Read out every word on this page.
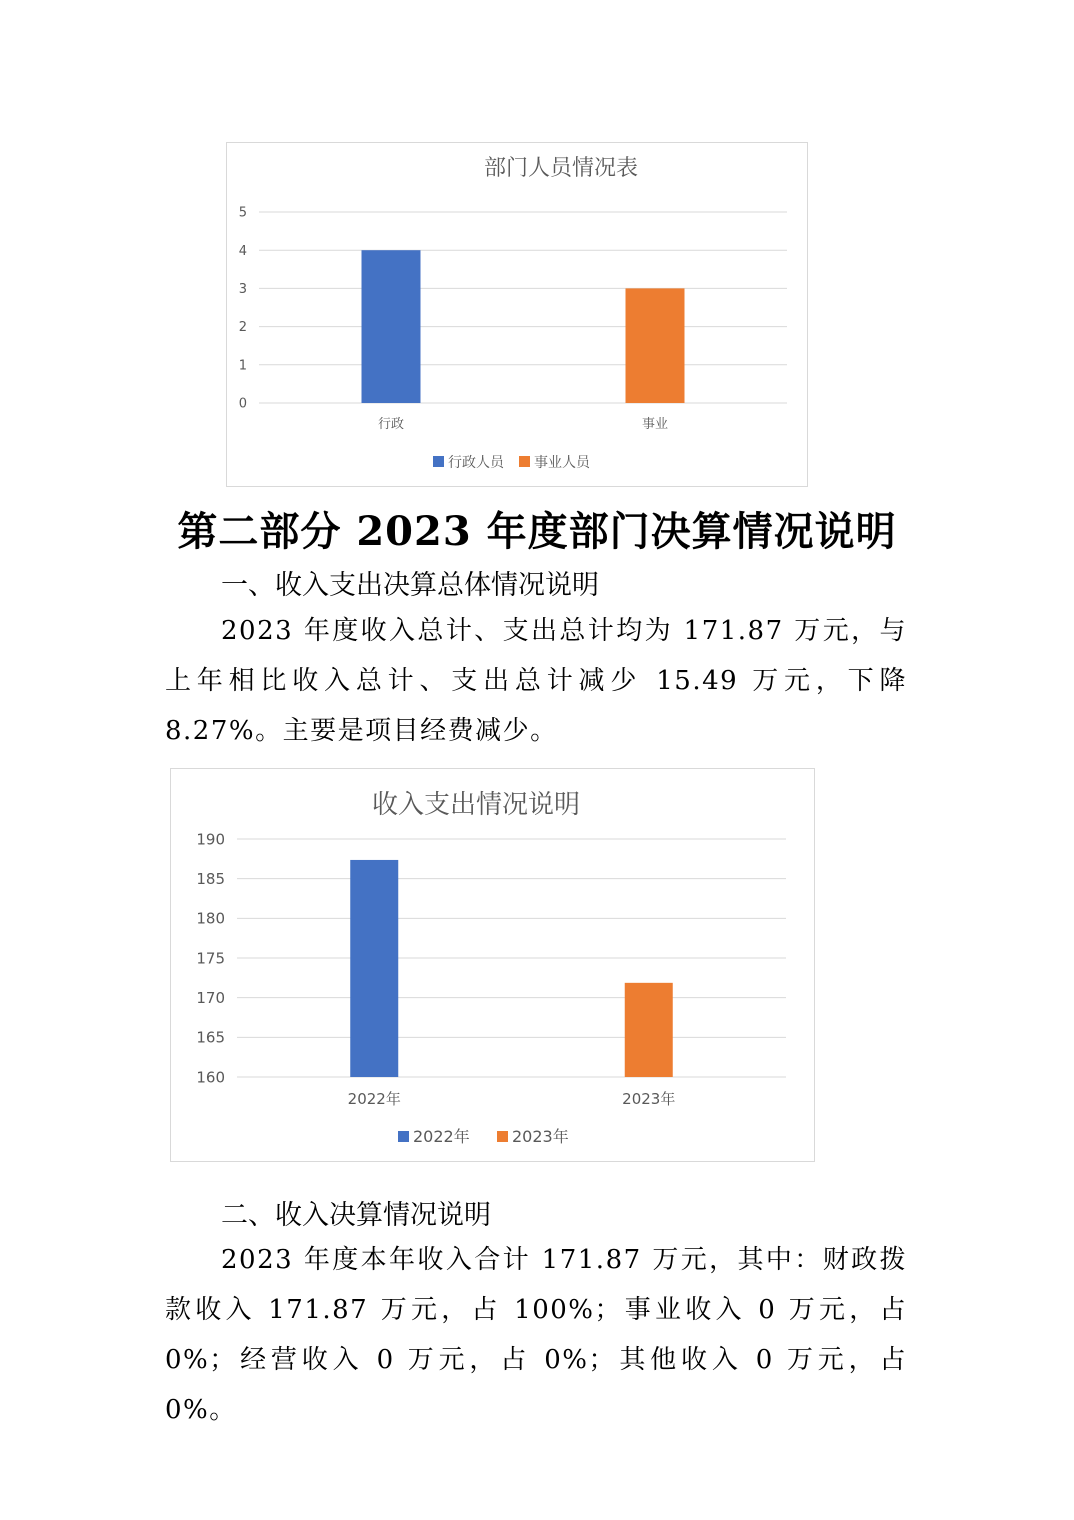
部门人员情况表
0
1
2
3
4
5
行政	事业
行政人员 事业人员
第二部分 2023 年度部门决算情况说明
一、收入支出决算总体情况说明
2023 年度收入总计、支出总计均为 171.87 万元，与上年相比收入总计、支出总计减少 15.49 万元，下降 8.27%。主要是项目经费减少。
收入支出情况说明
160
165
170
175
180
185
190
2022年	2023年
2022年	2023年
二、收入决算情况说明
2023 年度本年收入合计 171.87 万元，其中：财政拨款收入 171.87 万元，占 100%；事业收入 0 万元，占 0%；经营收入 0 万元，占 0%；其他收入 0 万元，占 0%。
